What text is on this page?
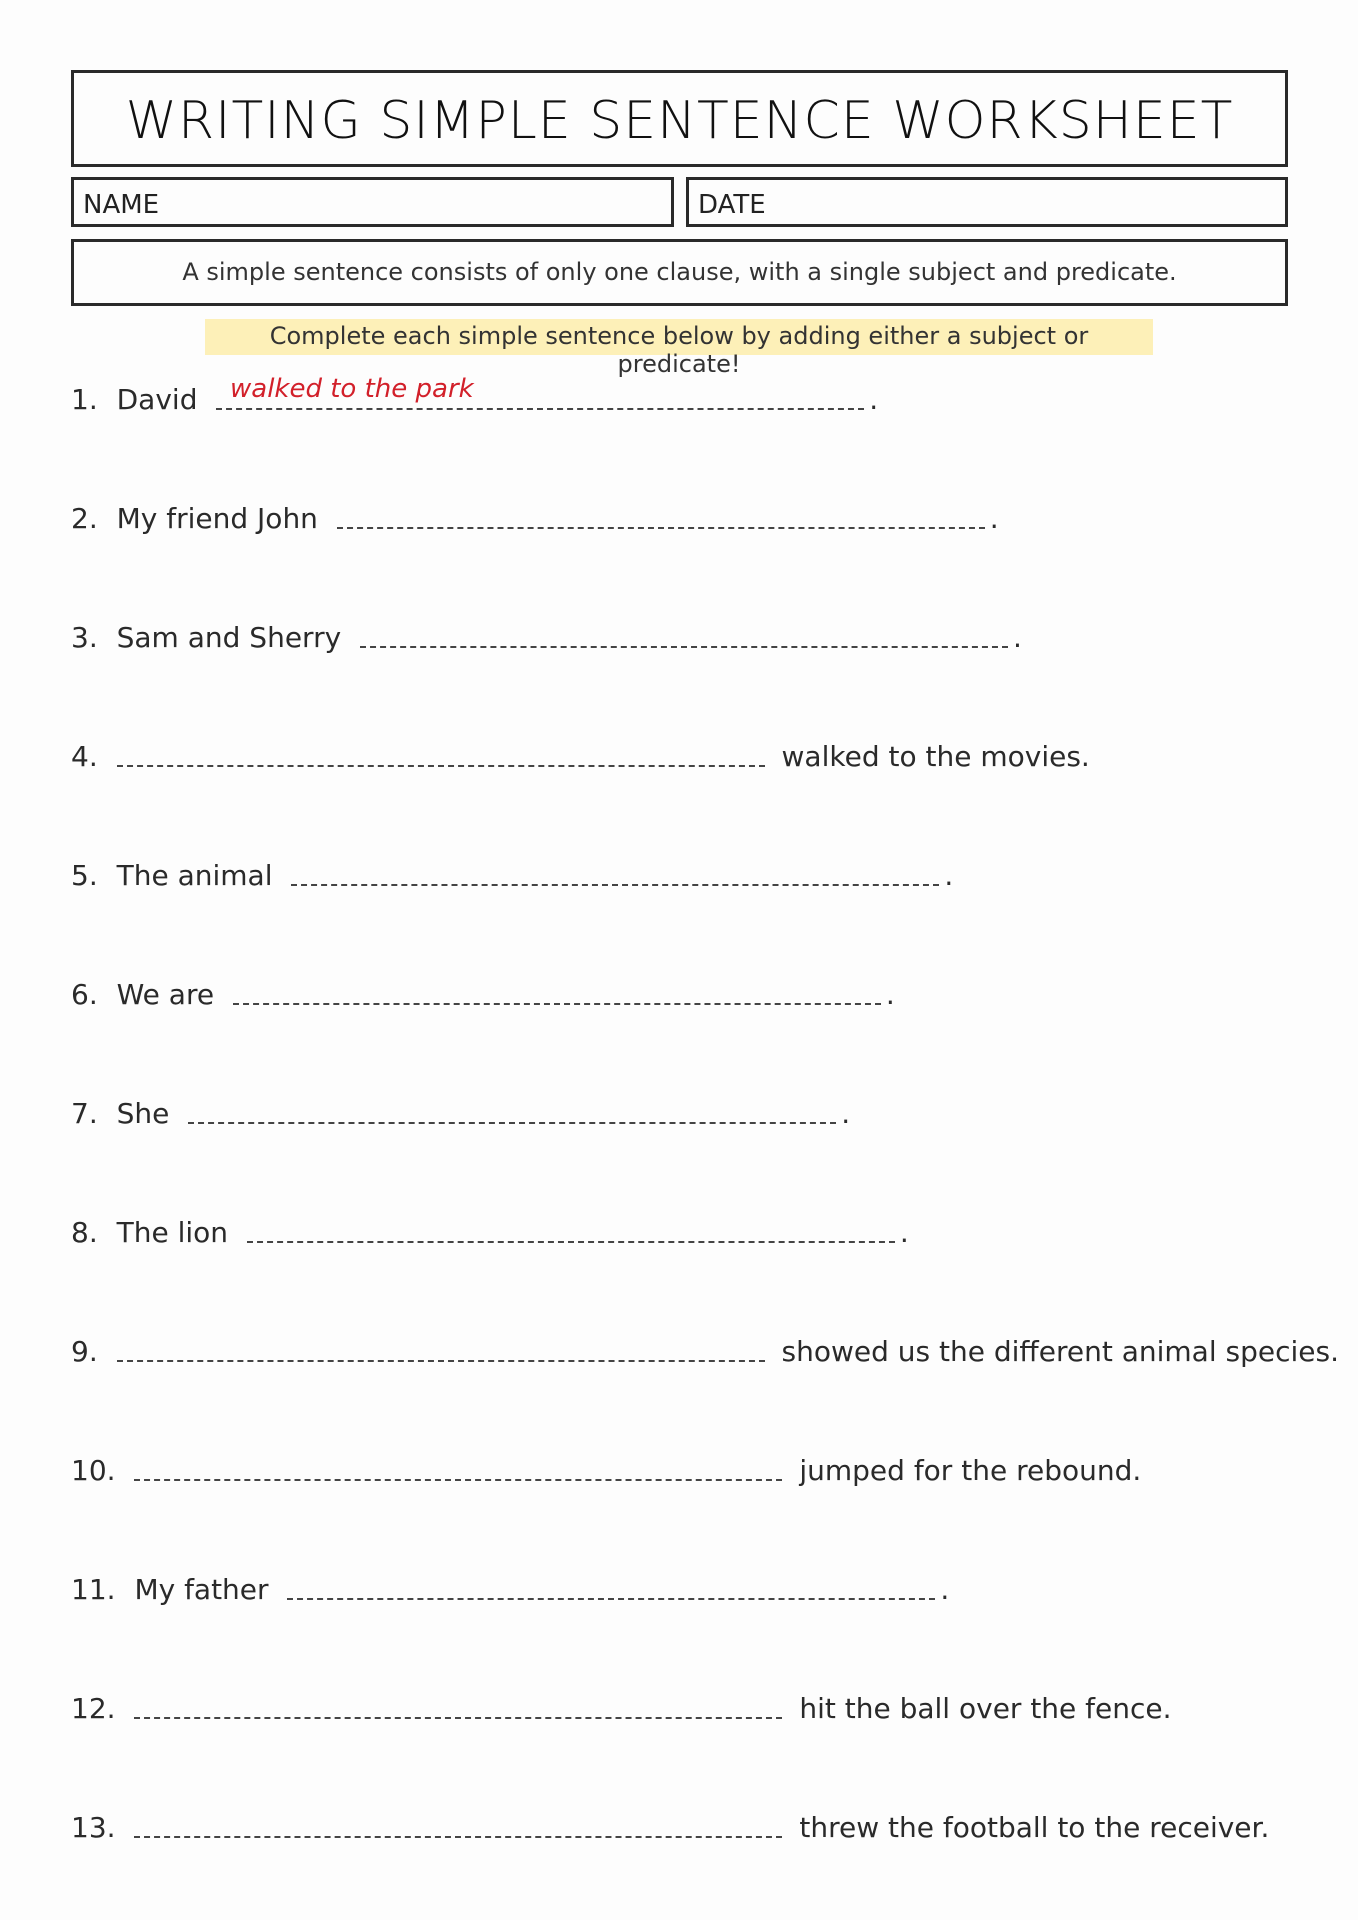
WRITING SIMPLE SENTENCE WORKSHEET
NAME	DATE
A simple sentence consists of only one clause, with a single subject and predicate.
Complete each simple sentence below by adding either a subject or predicate!
1. David	.
walked to the park
2. My friend John	.
3. Sam and Sherry	.
4.	walked to the movies.
5. The animal	.
6. We are	.
7. She	.
8. The lion	.
9.	showed us the different animal species.
10.	jumped for the rebound.
11. My father	.
12.	hit the ball over the fence.
13.	threw the football to the receiver.
